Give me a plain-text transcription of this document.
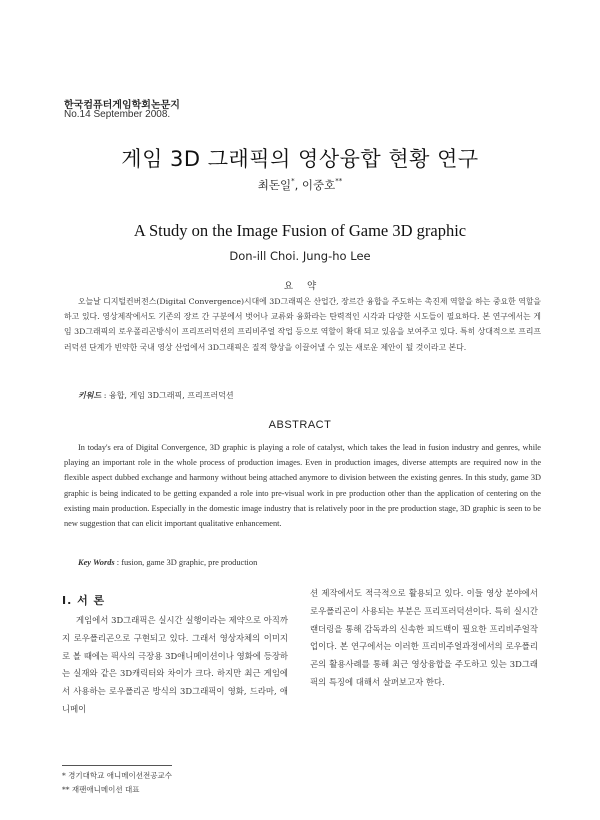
한국컴퓨터게임학회논문지
No.14 September 2008.
게임 3D 그래픽의 영상융합 현황 연구
최돈일*, 이중호**
A Study on the Image Fusion of Game 3D graphic
Don-ill Choi. Jung-ho Lee
요약

오늘날 디지털컨버전스(Digital Convergence)시대에 3D그래픽은 산업간, 장르간 융합을 주도하는 촉진제 역할을 하는 중요한 역할을 하고 있다. 영상제작에서도 기존의 장르 간 구분에서 벗어나 교류와 융화라는 탄력적인 시각과 다양한 시도들이 필요하다. 본 연구에서는 게임 3D그래픽의 로우폴리곤방식이 프리프러덕션의 프리비주얼 작업 등으로 역할이 확대 되고 있음을 보여주고 있다. 특히 상대적으로 프리프러덕션 단계가 빈약한 국내 영상 산업에서 3D그래픽은 질적 향상을 이끌어낼 수 있는 새로운 제안이 될 것이라고 본다.

키워드 : 융합, 게임 3D그래픽, 프리프러덕션
ABSTRACT

In today's era of Digital Convergence, 3D graphic is playing a role of catalyst, which takes the lead in fusion industry and genres, while playing an important role in the whole process of production images. Even in production images, diverse attempts are required now in the flexible aspect dubbed exchange and harmony without being attached anymore to division between the existing genres. In this study, game 3D graphic is being indicated to be getting expanded a role into pre-visual work in pre production other than the application of centering on the existing main production. Especially in the domestic image industry that is relatively poor in the pre production stage, 3D graphic is seen to be new suggestion that can elicit important qualitative enhancement.

Key Words : fusion, game 3D graphic, pre production
Ⅰ. 서 론

게임에서 3D그래픽은 실시간 실행이라는 제약으로 아직까지 로우폴리곤으로 구현되고 있다. 그래서 영상자체의 이미지로 볼 때에는 픽사의 극장용 3D애니메이션이나 영화에 등장하는 실재와 같은 3D캐릭터와 차이가 크다. 하지만 최근 게임에서 사용하는 로우폴리곤 방식의 3D그래픽이 영화, 드라마, 애니메이

션 제작에서도 적극적으로 활용되고 있다. 이들 영상 분야에서 로우폴리곤이 사용되는 부분은 프리프러덕션이다. 특히 실시간 랜더링을 통해 감독과의 신속한 피드백이 필요한 프리비주얼작업이다. 본 연구에서는 이러한 프리비주얼과정에서의 로우폴리곤의 활용사례를 통해 최근 영상융합을 주도하고 있는 3D그래픽의 특징에 대해서 살펴보고자 한다.

* 경기대학교 애니메이션전공교수
** 재팬애니메이션 대표
